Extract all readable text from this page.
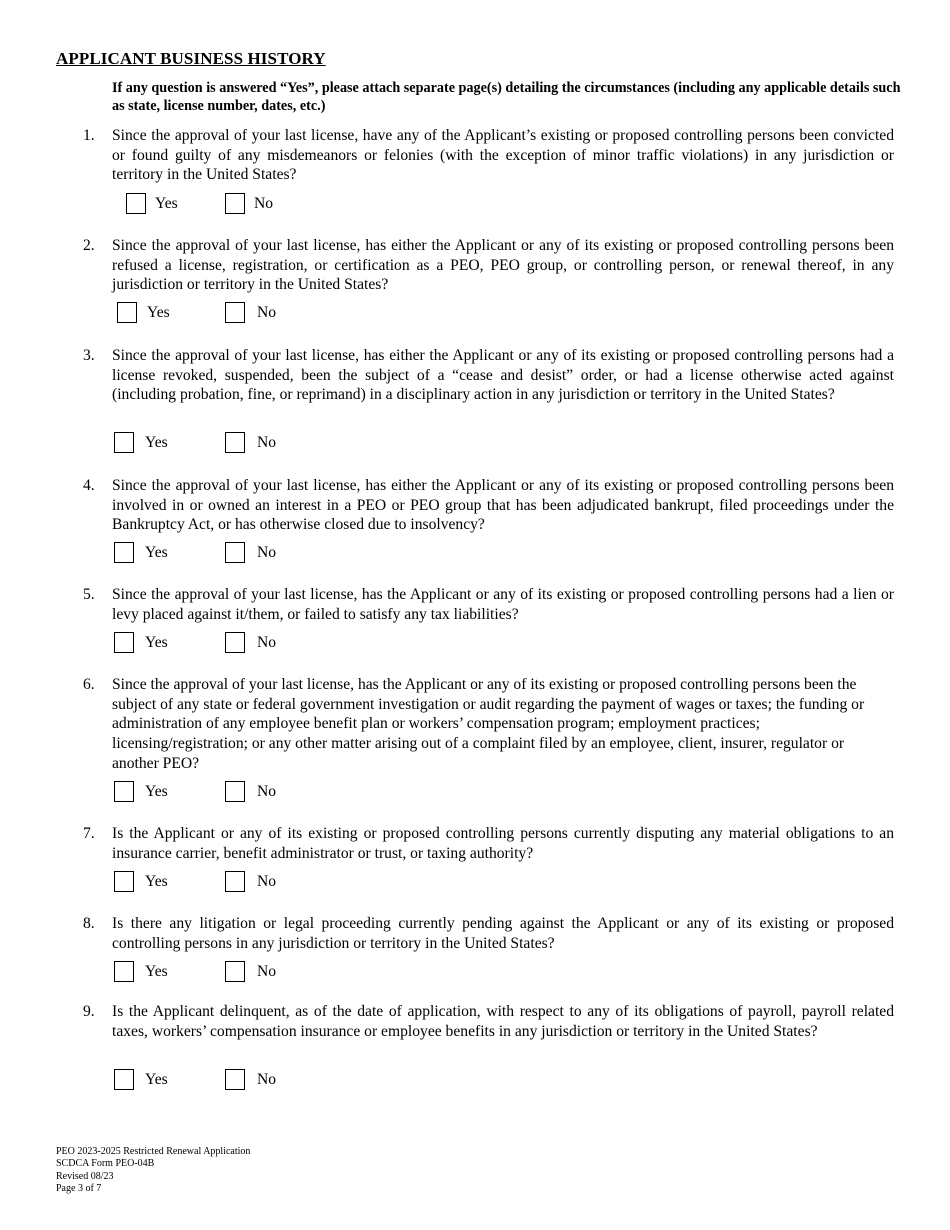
APPLICANT BUSINESS HISTORY
If any question is answered “Yes”, please attach separate page(s) detailing the circumstances (including any applicable details such as state, license number, dates, etc.)
1. Since the approval of your last license, have any of the Applicant’s existing or proposed controlling persons been convicted or found guilty of any misdemeanors or felonies (with the exception of minor traffic violations) in any jurisdiction or territory in the United States?
Yes	No
2. Since the approval of your last license, has either the Applicant or any of its existing or proposed controlling persons been refused a license, registration, or certification as a PEO, PEO group, or controlling person, or renewal thereof, in any jurisdiction or territory in the United States?
Yes	No
3. Since the approval of your last license, has either the Applicant or any of its existing or proposed controlling persons had a license revoked, suspended, been the subject of a “cease and desist” order, or had a license otherwise acted against (including probation, fine, or reprimand) in a disciplinary action in any jurisdiction or territory in the United States?
Yes	No
4. Since the approval of your last license, has either the Applicant or any of its existing or proposed controlling persons been involved in or owned an interest in a PEO or PEO group that has been adjudicated bankrupt, filed proceedings under the Bankruptcy Act, or has otherwise closed due to insolvency?
Yes	No
5. Since the approval of your last license, has the Applicant or any of its existing or proposed controlling persons had a lien or levy placed against it/them, or failed to satisfy any tax liabilities?
Yes	No
6. Since the approval of your last license, has the Applicant or any of its existing or proposed controlling persons been the subject of any state or federal government investigation or audit regarding the payment of wages or taxes; the funding or administration of any employee benefit plan or workers’ compensation program; employment practices; licensing/registration; or any other matter arising out of a complaint filed by an employee, client, insurer, regulator or another PEO?
Yes	No
7. Is the Applicant or any of its existing or proposed controlling persons currently disputing any material obligations to an insurance carrier, benefit administrator or trust, or taxing authority?
Yes	No
8. Is there any litigation or legal proceeding currently pending against the Applicant or any of its existing or proposed controlling persons in any jurisdiction or territory in the United States?
Yes	No
9. Is the Applicant delinquent, as of the date of application, with respect to any of its obligations of payroll, payroll related taxes, workers’ compensation insurance or employee benefits in any jurisdiction or territory in the United States?
Yes	No
PEO 2023-2025 Restricted Renewal Application
SCDCA Form PEO-04B
Revised 08/23
Page 3 of 7
